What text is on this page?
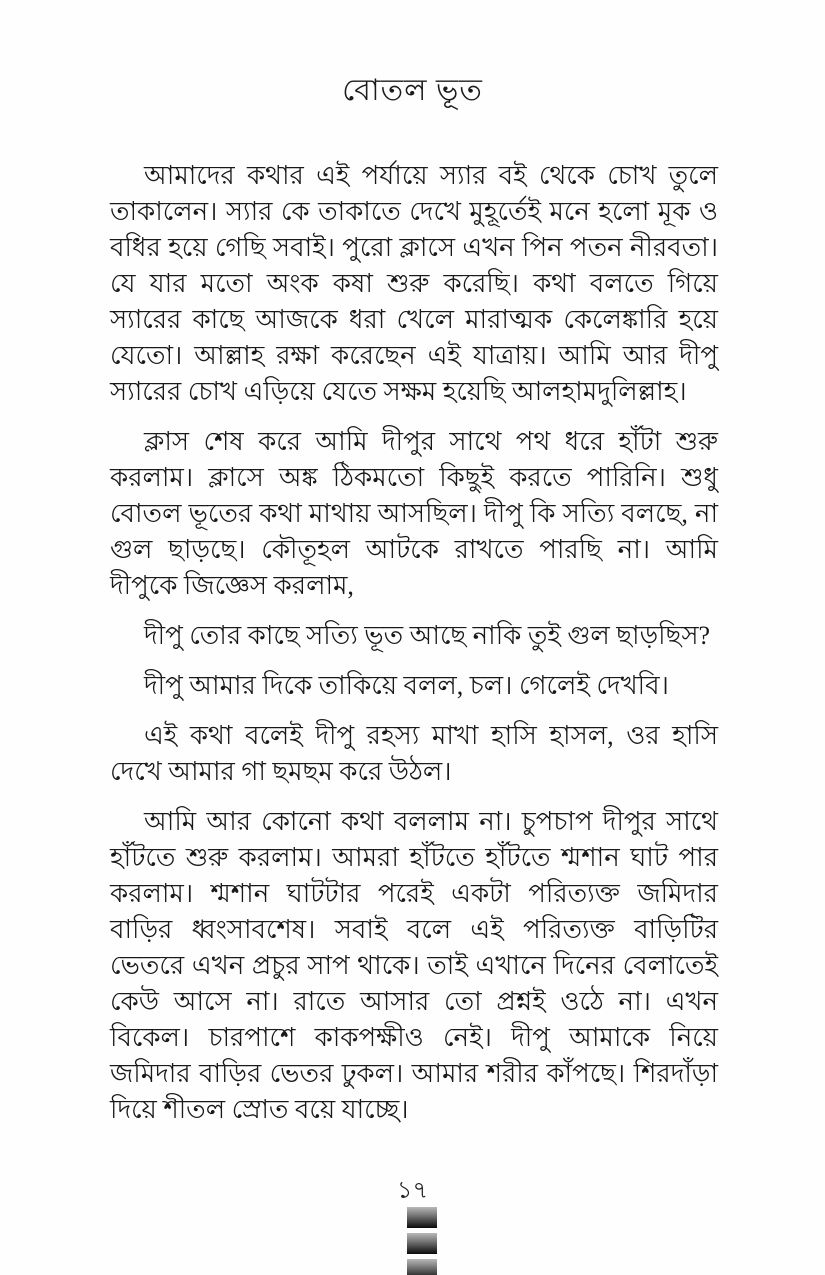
বোতল ভূত

আমাদের কথার এই পর্যায়ে স্যার বই থেকে চোখ তুলে তাকালেন। স্যার কে তাকাতে দেখে মুহূর্তেই মনে হলো মূক ও বধির হয়ে গেছি সবাই। পুরো ক্লাসে এখন পিন পতন নীরবতা। যে যার মতো অংক কষা শুরু করেছি। কথা বলতে গিয়ে স্যারের কাছে আজকে ধরা খেলে মারাত্মক কেলেঙ্কারি হয়ে যেতো। আল্লাহ রক্ষা করেছেন এই যাত্রায়। আমি আর দীপু স্যারের চোখ এড়িয়ে যেতে সক্ষম হয়েছি আলহামদুলিল্লাহ।

ক্লাস শেষ করে আমি দীপুর সাথে পথ ধরে হাঁটা শুরু করলাম। ক্লাসে অঙ্ক ঠিকমতো কিছুই করতে পারিনি। শুধু বোতল ভূতের কথা মাথায় আসছিল। দীপু কি সত্যি বলছে, না গুল ছাড়ছে। কৌতূহল আটকে রাখতে পারছি না। আমি দীপুকে জিজ্ঞেস করলাম,

দীপু তোর কাছে সত্যি ভূত আছে নাকি তুই গুল ছাড়ছিস?

দীপু আমার দিকে তাকিয়ে বলল, চল। গেলেই দেখবি।

এই কথা বলেই দীপু রহস্য মাখা হাসি হাসল, ওর হাসি দেখে আমার গা ছমছম করে উঠল।

আমি আর কোনো কথা বললাম না। চুপচাপ দীপুর সাথে হাঁটতে শুরু করলাম। আমরা হাঁটতে হাঁটতে শ্মশান ঘাট পার করলাম। শ্মশান ঘাটটার পরেই একটা পরিত্যক্ত জমিদার বাড়ির ধ্বংসাবশেষ। সবাই বলে এই পরিত্যক্ত বাড়িটির ভেতরে এখন প্রচুর সাপ থাকে। তাই এখানে দিনের বেলাতেই কেউ আসে না। রাতে আসার তো প্রশ্নই ওঠে না। এখন বিকেল। চারপাশে কাকপক্ষীও নেই। দীপু আমাকে নিয়ে জমিদার বাড়ির ভেতর ঢুকল। আমার শরীর কাঁপছে। শিরদাঁড়া দিয়ে শীতল স্রোত বয়ে যাচ্ছে।

১৭
